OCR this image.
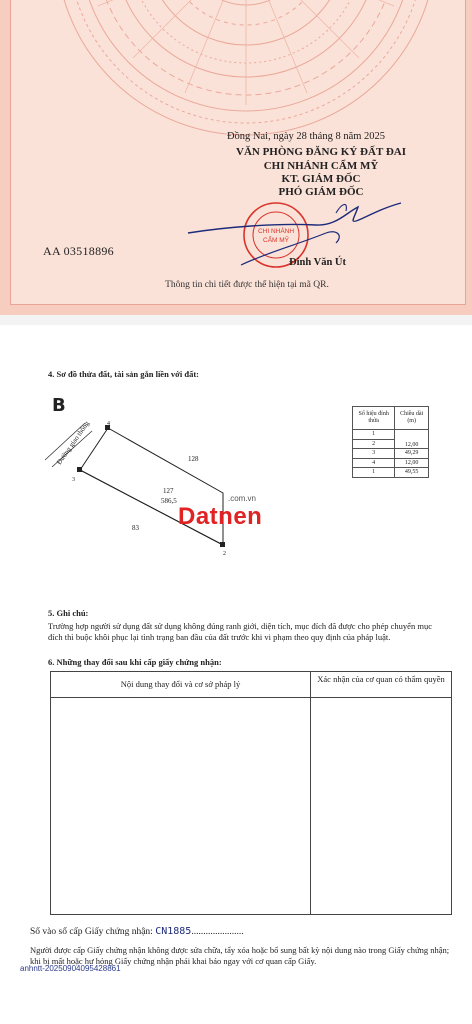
Đồng Nai, ngày 28 tháng 8 năm 2025
VĂN PHÒNG ĐĂNG KÝ ĐẤT ĐAI
CHI NHÁNH CẨM MỸ
KT. GIÁM ĐỐC
PHÓ GIÁM ĐỐC
CHI NHÁNH
CẨM MỸ
AA 03518896
Đinh Văn Út
Thông tin chi tiết được thể hiện tại mã QR.
4. Sơ đồ thửa đất, tài sản gắn liền với đất:
B
3
4
2
Đường giao thông	128
127
586,5
83
Số hiệu đỉnh thửa	Chiều dài (m)
1	12,00
2	
3	49,29
4	12,00
1	49,55
Datnen
.com.vn
5. Ghi chú:
Trường hợp người sử dụng đất sử dụng không đúng ranh giới, diện tích, mục đích đã được cho phép chuyển mục đích thì buộc khôi phục lại tình trạng ban đầu của đất trước khi vi phạm theo quy định của pháp luật.
6. Những thay đổi sau khi cấp giấy chứng nhận:
Nội dung thay đổi và cơ sở pháp lý	Xác nhận của cơ quan có thẩm quyền
Số vào sổ cấp Giấy chứng nhận: CN1885......................
Người được cấp Giấy chứng nhận không được sửa chữa, tẩy xóa hoặc bổ sung bất kỳ nội dung nào trong Giấy chứng nhận; khi bị mất hoặc hư hỏng Giấy chứng nhận phải khai báo ngay với cơ quan cấp Giấy.
anhntt-20250904095428861
